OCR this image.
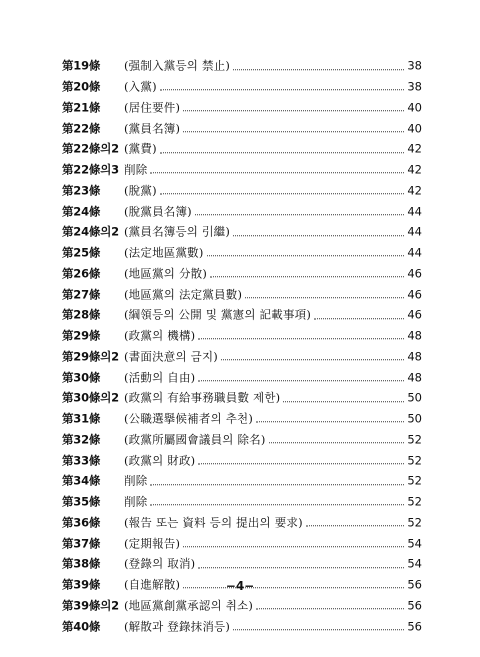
第19條 (强制入黨등의 禁止)	38
第20條 (入黨)	38
第21條 (居住要件)	40
第22條 (黨員名簿)	40
第22條의2 (黨費)	42
第22條의3 削除	42
第23條 (脫黨)	42
第24條 (脫黨員名簿)	44
第24條의2 (黨員名簿등의 引繼)	44
第25條 (法定地區黨數)	44
第26條 (地區黨의 分散)	46
第27條 (地區黨의 法定黨員數)	46
第28條 (綱領등의 公開 및 黨憲의 記載事項)	46
第29條 (政黨의 機構)	48
第29條의2 (書面決意의 금지)	48
第30條 (活動의 自由)	48
第30條의2 (政黨의 有給事務職員數 제한)	50
第31條 (公職選擧候補者의 추천)	50
第32條 (政黨所屬國會議員의 除名)	52
第33條 (政黨의 財政)	52
第34條 削除	52
第35條 削除	52
第36條 (報告 또는 資料 등의 提出의 要求)	52
第37條 (定期報告)	54
第38條 (登錄의 取消)	54
第39條 (自進解散)	56
第39條의2 (地區黨創黨承認의 취소)	56
第40條 (解散과 登錄抹消등)	56
−4−
